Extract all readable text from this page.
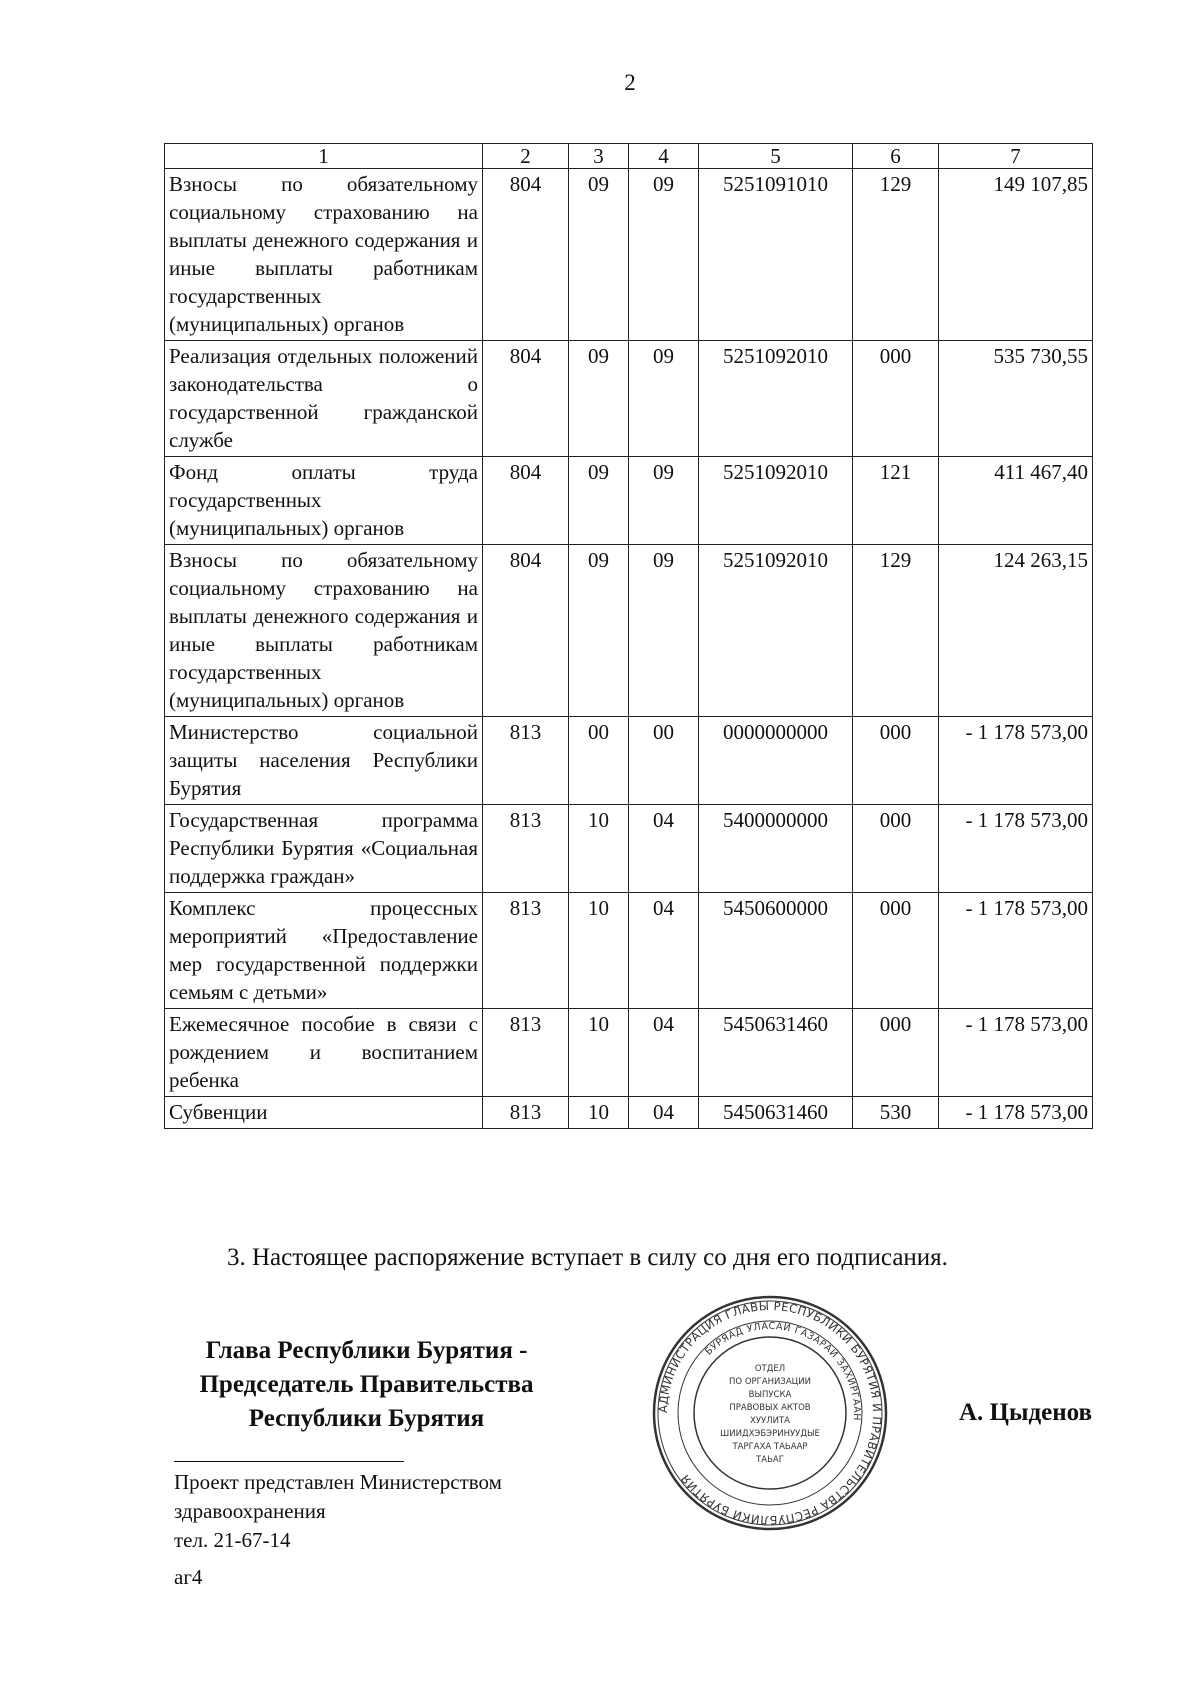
2
1	2	3	4	5	6	7
Взносы по обязательному социальному страхованию на выплаты денежного содержания и иные выплаты работникам государственных (муниципальных) органов	804	09	09	5251091010	129	149 107,85
Реализация отдельных положений законодательства о государственной гражданской службе	804	09	09	5251092010	000	535 730,55
Фонд оплаты труда государственных (муниципальных) органов	804	09	09	5251092010	121	411 467,40
Взносы по обязательному социальному страхованию на выплаты денежного содержания и иные выплаты работникам государственных (муниципальных) органов	804	09	09	5251092010	129	124 263,15
Министерство социальной защиты населения Республики Бурятия	813	00	00	0000000000	000	- 1 178 573,00
Государственная программа Республики Бурятия «Социальная поддержка граждан»	813	10	04	5400000000	000	- 1 178 573,00
Комплекс процессных мероприятий «Предоставление мер государственной поддержки семьям с детьми»	813	10	04	5450600000	000	- 1 178 573,00
Ежемесячное пособие в связи с рождением и воспитанием ребенка	813	10	04	5450631460	000	- 1 178 573,00
Субвенции	813	10	04	5450631460	530	- 1 178 573,00
3. Настоящее распоряжение вступает в силу со дня его подписания.
Глава Республики Бурятия -
Председатель Правительства
Республики Бурятия	АДМИНИСТРАЦИЯ ГЛАВЫ РЕСПУБЛИКИ БУРЯТИЯ И ПРАВИТЕЛЬСТВА РЕСПУБЛИКИ БУРЯТИЯ
БУРЯАД УЛАСАЙ ГАЗАРАЙ ЗАХИРГААН
ОТДЕЛ
ПО ОРГАНИЗАЦИИ
ВЫПУСКА
ПРАВОВЫХ АКТОВ
ХУУЛИТА
ШИИДХЭБЭРИНУУДЫЕ
ТАРГАХА ТАЬААР
ТАЬАГ
А. Цыденов
Проект представлен Министерством
здравоохранения
тел. 21-67-14
аг4
